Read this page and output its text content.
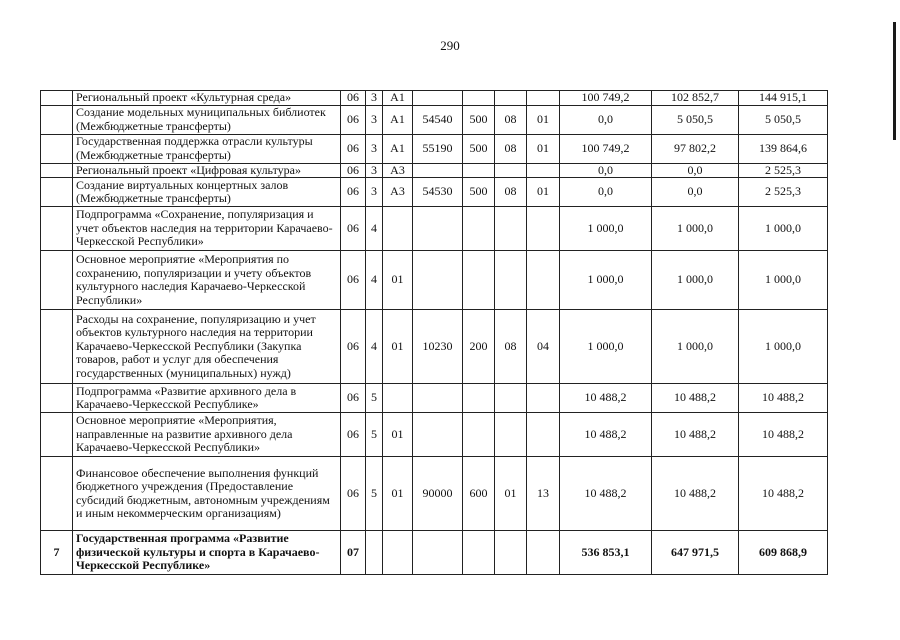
290
	Региональный проект «Культурная среда»	06	3	А1					100 749,2	102 852,7	144 915,1
	Создание модельных муниципальных библиотек (Межбюджетные трансферты)	06	3	А1	54540	500	08	01	0,0	5 050,5	5 050,5
	Государственная поддержка отрасли культуры (Межбюджетные трансферты)	06	3	А1	55190	500	08	01	100 749,2	97 802,2	139 864,6
	Региональный проект «Цифровая культура»	06	3	А3					0,0	0,0	2 525,3
	Создание виртуальных концертных залов (Межбюджетные трансферты)	06	3	А3	54530	500	08	01	0,0	0,0	2 525,3
	Подпрограмма «Сохранение, популяризация и учет объектов наследия на территории Карачаево-Черкесской Республики»	06	4						1 000,0	1 000,0	1 000,0
	Основное мероприятие «Мероприятия по сохранению, популяризации и учету объектов культурного наследия Карачаево-Черкесской Республики»	06	4	01					1 000,0	1 000,0	1 000,0
	Расходы на сохранение, популяризацию и учет объектов культурного наследия на территории Карачаево-Черкесской Республики (Закупка товаров, работ и услуг для обеспечения государственных (муниципальных) нужд)	06	4	01	10230	200	08	04	1 000,0	1 000,0	1 000,0
	Подпрограмма «Развитие архивного дела в Карачаево-Черкесской Республике»	06	5						10 488,2	10 488,2	10 488,2
	Основное мероприятие «Мероприятия, направленные на развитие архивного дела Карачаево-Черкесской Республики»	06	5	01					10 488,2	10 488,2	10 488,2
	Финансовое обеспечение выполнения функций бюджетного учреждения (Предоставление субсидий бюджетным, автономным учреждениям и иным некоммерческим организациям)	06	5	01	90000	600	01	13	10 488,2	10 488,2	10 488,2
7	Государственная программа «Развитие физической культуры и спорта в Карачаево-Черкесской Республике»	07							536 853,1	647 971,5	609 868,9
